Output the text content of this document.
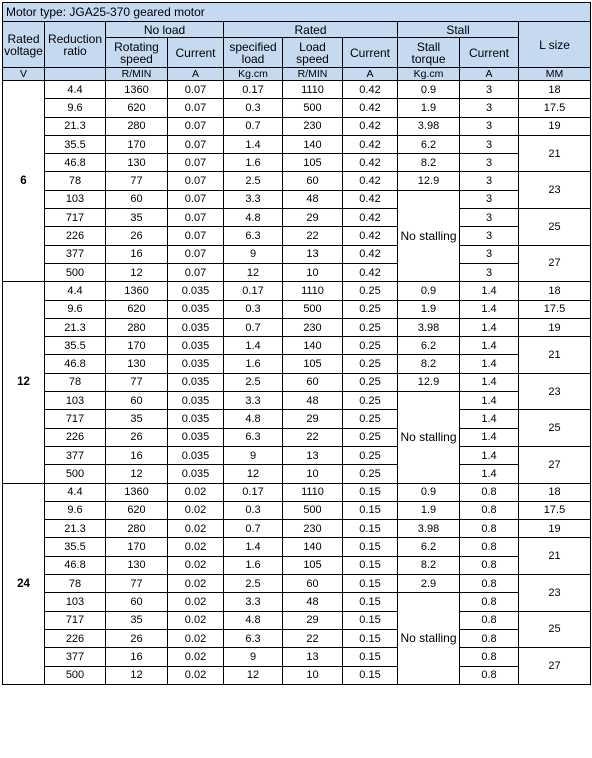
Motor type: JGA25-370 geared motor									
Rated voltage	Reduction ratio	No load		Rated			Stall		L size
		Rotating speed	Current	specified load	Load speed	Current	Stall torque	Current	
V		R/MIN	A	Kg.cm	R/MIN	A	Kg.cm	A	MM
6	4.4	1360	0.07	0.17	1110	0.42	0.9	3	18
	9.6	620	0.07	0.3	500	0.42	1.9	3	17.5
	21.3	280	0.07	0.7	230	0.42	3.98	3	19
	35.5	170	0.07	1.4	140	0.42	6.2	3	21
	46.8	130	0.07	1.6	105	0.42	8.2	3	
	78	77	0.07	2.5	60	0.42	12.9	3	23
	103	60	0.07	3.3	48	0.42	No stalling	3	
	717	35	0.07	4.8	29	0.42		3	25
	226	26	0.07	6.3	22	0.42		3	
	377	16	0.07	9	13	0.42		3	27
	500	12	0.07	12	10	0.42		3	
12	4.4	1360	0.035	0.17	1110	0.25	0.9	1.4	18
	9.6	620	0.035	0.3	500	0.25	1.9	1.4	17.5
	21.3	280	0.035	0.7	230	0.25	3.98	1.4	19
	35.5	170	0.035	1.4	140	0.25	6.2	1.4	21
	46.8	130	0.035	1.6	105	0.25	8.2	1.4	
	78	77	0.035	2.5	60	0.25	12.9	1.4	23
	103	60	0.035	3.3	48	0.25	No stalling	1.4	
	717	35	0.035	4.8	29	0.25		1.4	25
	226	26	0.035	6.3	22	0.25		1.4	
	377	16	0.035	9	13	0.25		1.4	27
	500	12	0.035	12	10	0.25		1.4	
24	4.4	1360	0.02	0.17	1110	0.15	0.9	0.8	18
	9.6	620	0.02	0.3	500	0.15	1.9	0.8	17.5
	21.3	280	0.02	0.7	230	0.15	3.98	0.8	19
	35.5	170	0.02	1.4	140	0.15	6.2	0.8	21
	46.8	130	0.02	1.6	105	0.15	8.2	0.8	
	78	77	0.02	2.5	60	0.15	2.9	0.8	23
	103	60	0.02	3.3	48	0.15	No stalling	0.8	
	717	35	0.02	4.8	29	0.15		0.8	25
	226	26	0.02	6.3	22	0.15		0.8	
	377	16	0.02	9	13	0.15		0.8	27
	500	12	0.02	12	10	0.15		0.8	
